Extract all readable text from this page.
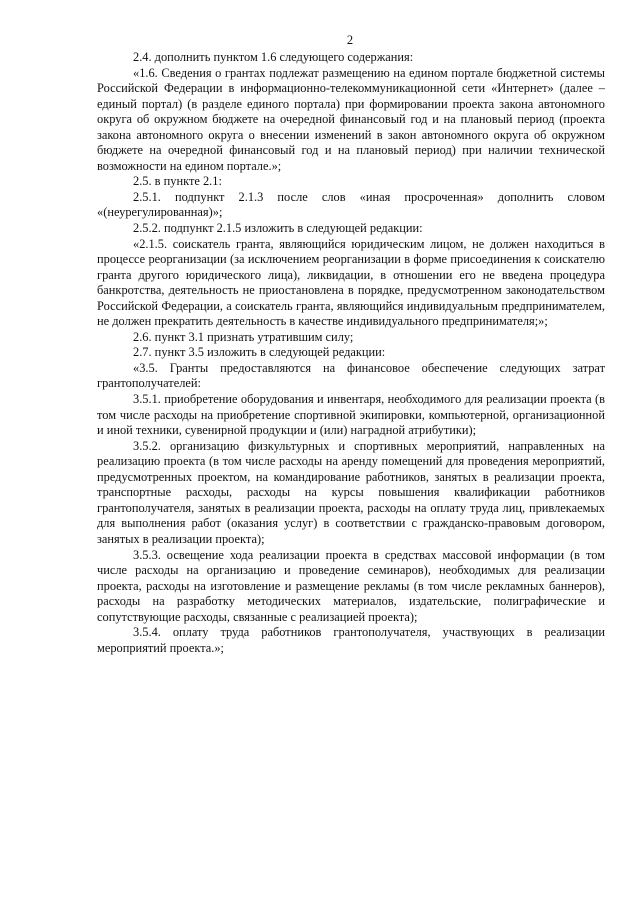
2

2.4. дополнить пунктом 1.6 следующего содержания:

«1.6. Сведения о грантах подлежат размещению на едином портале бюджетной системы Российской Федерации в информационно-телекоммуникационной сети «Интернет» (далее – единый портал) (в разделе единого портала) при формировании проекта закона автономного округа об окружном бюджете на очередной финансовый год и на плановый период (проекта закона автономного округа о внесении изменений в закон автономного округа об окружном бюджете на очередной финансовый год и на плановый период) при наличии технической возможности на едином портале.»;

2.5. в пункте 2.1:

2.5.1. подпункт 2.1.3 после слов «иная просроченная» дополнить словом «(неурегулированная)»;

2.5.2. подпункт 2.1.5 изложить в следующей редакции:

«2.1.5. соискатель гранта, являющийся юридическим лицом, не должен находиться в процессе реорганизации (за исключением реорганизации в форме присоединения к соискателю гранта другого юридического лица), ликвидации, в отношении его не введена процедура банкротства, деятельность не приостановлена в порядке, предусмотренном законодательством Российской Федерации, а соискатель гранта, являющийся индивидуальным предпринимателем, не должен прекратить деятельность в качестве индивидуального предпринимателя;»;

2.6. пункт 3.1 признать утратившим силу;

2.7. пункт 3.5 изложить в следующей редакции:

«3.5. Гранты предоставляются на финансовое обеспечение следующих затрат грантополучателей:

3.5.1. приобретение оборудования и инвентаря, необходимого для реализации проекта (в том числе расходы на приобретение спортивной экипировки, компьютерной, организационной и иной техники, сувенирной продукции и (или) наградной атрибутики);

3.5.2. организацию физкультурных и спортивных мероприятий, направленных на реализацию проекта (в том числе расходы на аренду помещений для проведения мероприятий, предусмотренных проектом, на командирование работников, занятых в реализации проекта, транспортные расходы, расходы на курсы повышения квалификации работников грантополучателя, занятых в реализации проекта, расходы на оплату труда лиц, привлекаемых для выполнения работ (оказания услуг) в соответствии с гражданско-правовым договором, занятых в реализации проекта);

3.5.3. освещение хода реализации проекта в средствах массовой информации (в том числе расходы на организацию и проведение семинаров), необходимых для реализации проекта, расходы на изготовление и размещение рекламы (в том числе рекламных баннеров), расходы на разработку методических материалов, издательские, полиграфические и сопутствующие расходы, связанные с реализацией проекта);

3.5.4. оплату труда работников грантополучателя, участвующих в реализации мероприятий проекта.»;
